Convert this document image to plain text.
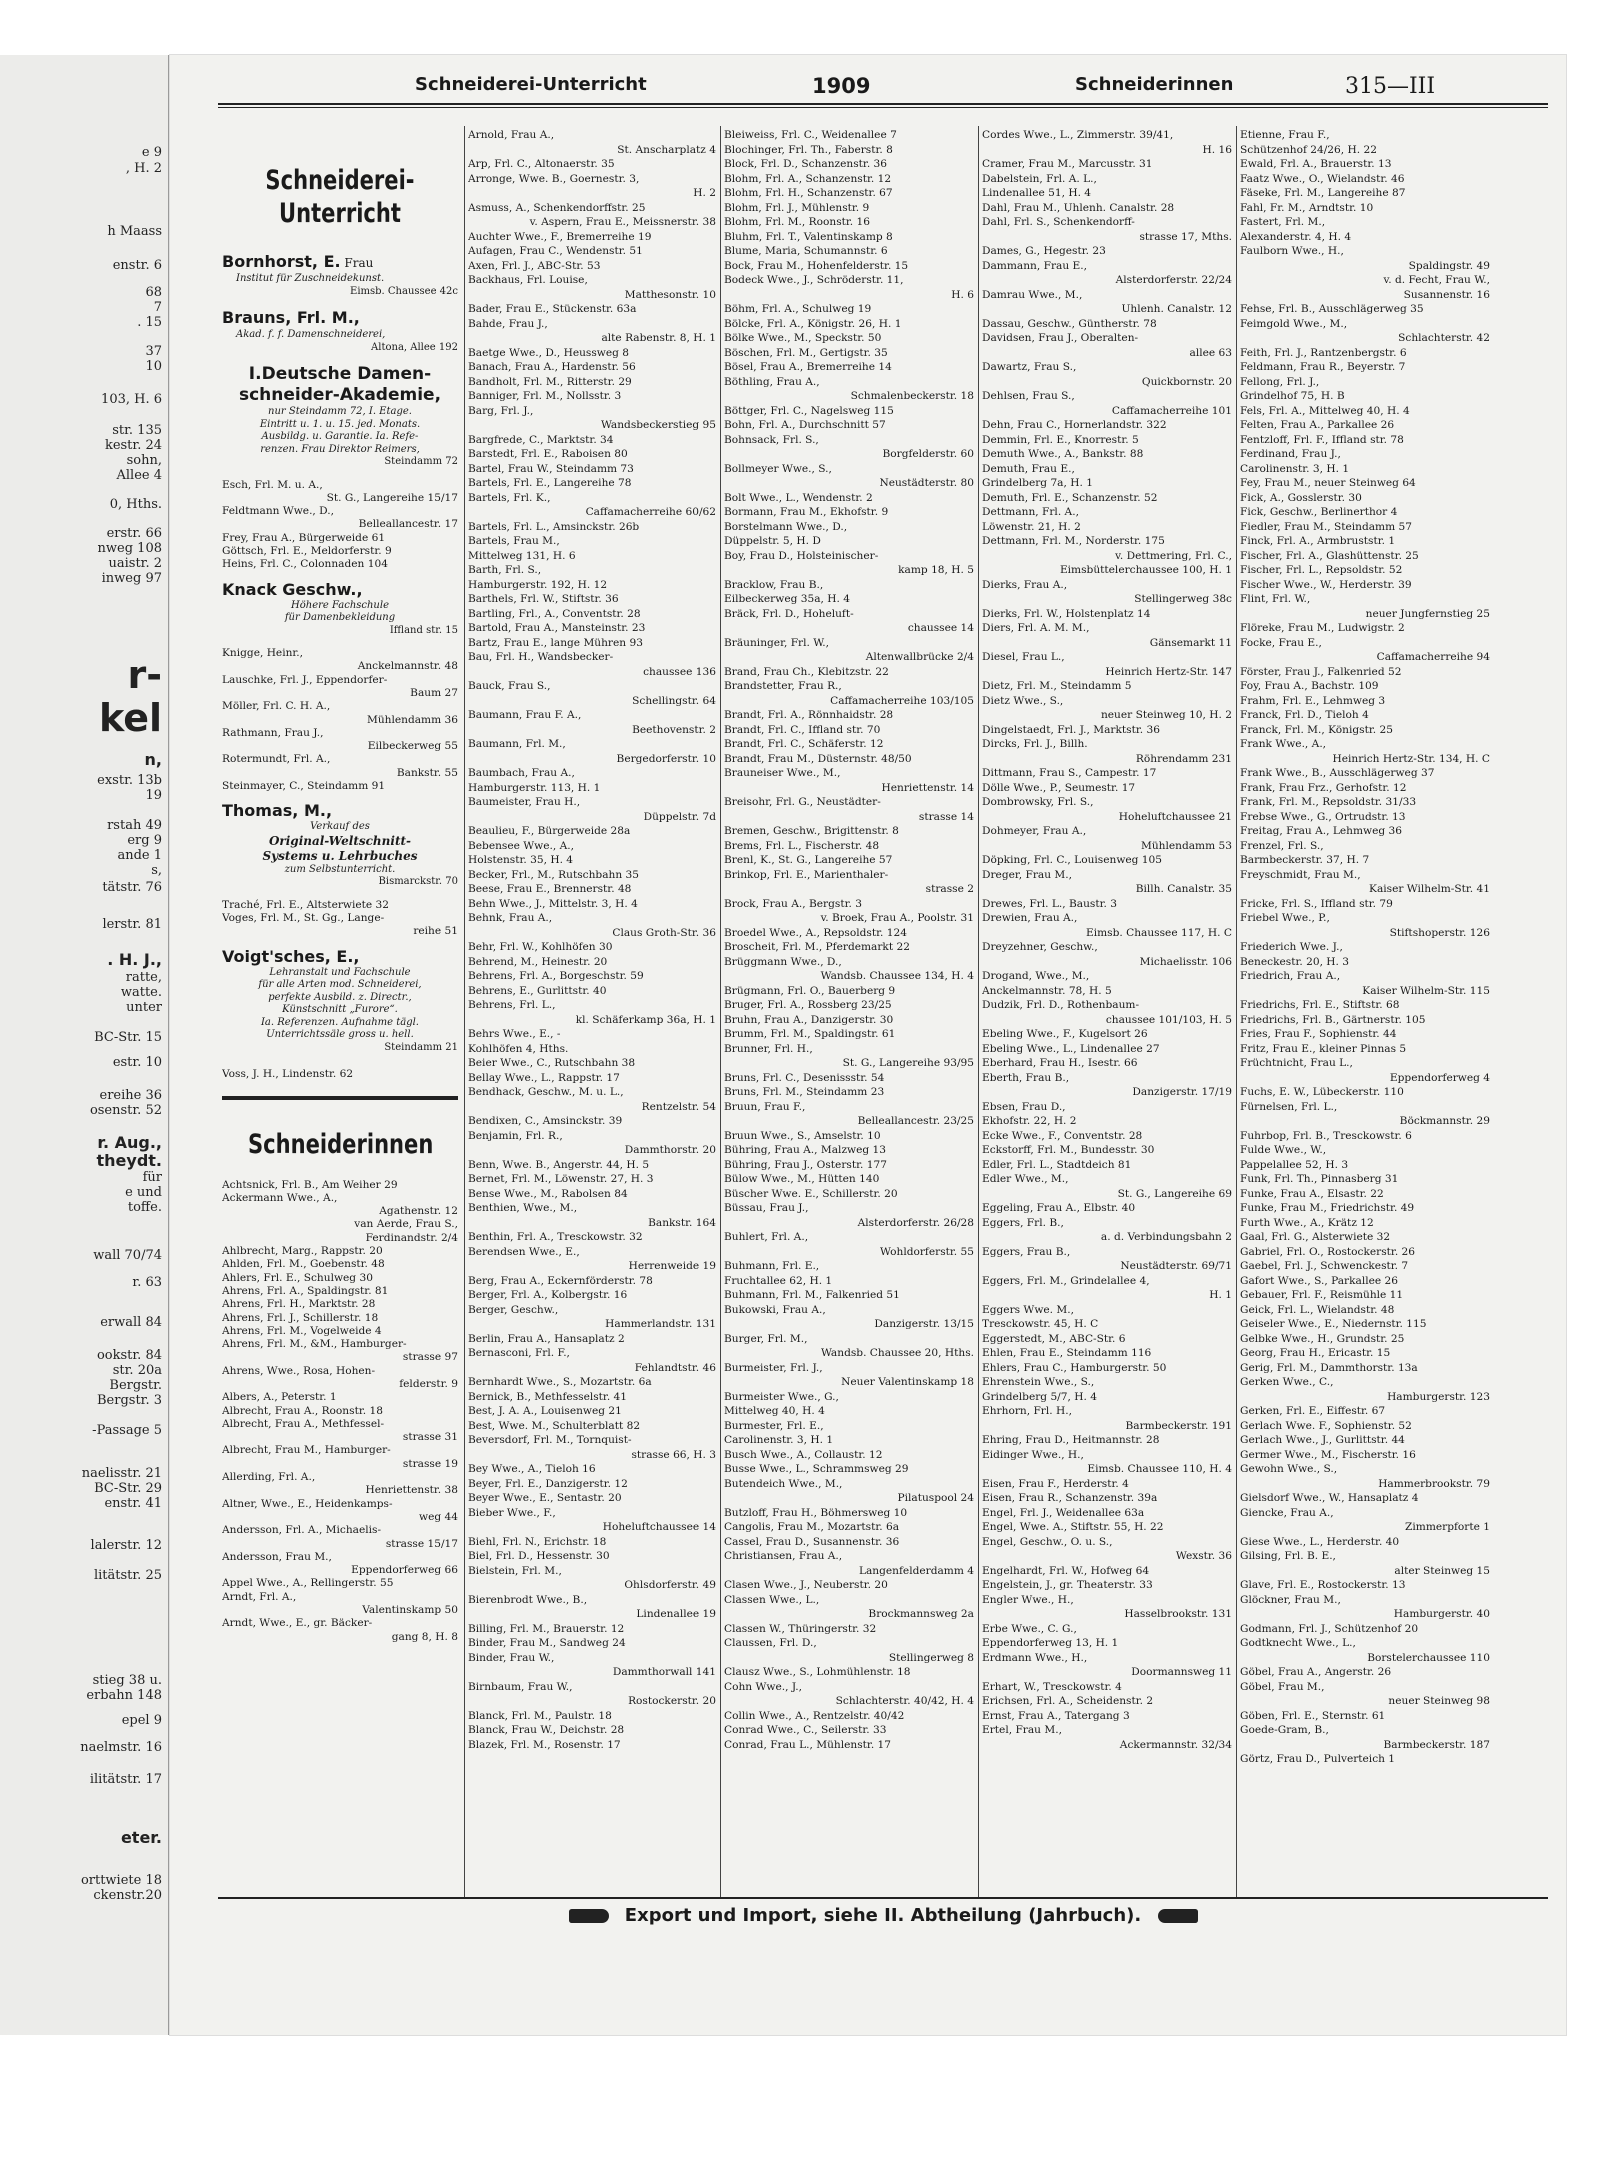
e 9
, H. 2
h Maass
enstr. 6
68
7
. 15
37
10
103, H. 6
str. 135
kestr. 24
sohn,
Allee 4
0, Hths.
erstr. 66
nweg 108
uaistr. 2
inweg 97
r-
kel
n,
exstr. 13b
19
rstah 49
erg 9
ande 1
s,
tätstr. 76
lerstr. 81
. H. J.,
ratte,
watte.
unter
BC-Str. 15
estr. 10
ereihe 36
osenstr. 52
r. Aug.,
theydt.
für
e und
toffe.
wall 70/74
r. 63
erwall 84
ookstr. 84
str. 20a
Bergstr.
Bergstr. 3
-Passage 5
naelisstr. 21
BC-Str. 29
enstr. 41
lalerstr. 12
litätstr. 25
stieg 38 u.
erbahn 148
epel 9
naelmstr. 16
ilitätstr. 17
eter.
orttwiete 18
ckenstr.20
Schneiderei-Unterricht	1909	Schneiderinnen	315—III
Schneiderei-Unterricht
Bornhorst, E. Frau
Institut für Zuschneidekunst.
Eimsb. Chaussee 42c
Brauns, Frl. M.,
Akad. f. f. Damenschneiderei,
Altona, Allee 192
I.Deutsche Damen-
schneider-Akademie,
nur Steindamm 72, I. Etage.
Eintritt u. 1. u. 15. jed. Monats.
Ausbildg. u. Garantie. Ia. Refe-
renzen. Frau Direktor Reimers,
Steindamm 72
Esch, Frl. M. u. A.,
St. G., Langereihe 15/17
Feldtmann Wwe., D.,
Belleallancestr. 17
Frey, Frau A., Bürgerweide 61
Göttsch, Frl. E., Meldorferstr. 9
Heins, Frl. C., Colonnaden 104
Knack Geschw.,
Höhere Fachschule
für Damenbekleidung
Iffland str. 15
Knigge, Heinr.,
Anckelmannstr. 48
Lauschke, Frl. J., Eppendorfer-
Baum 27
Möller, Frl. C. H. A.,
Mühlendamm 36
Rathmann, Frau J.,
Eilbeckerweg 55
Rotermundt, Frl. A.,
Bankstr. 55
Steinmayer, C., Steindamm 91
Thomas, M.,
Verkauf des
Original-Weltschnitt-
Systems u. Lehrbuches
zum Selbstunterricht.
Bismarckstr. 70
Traché, Frl. E., Altsterwiete 32
Voges, Frl. M., St. Gg., Lange-
reihe 51
Voigt'sches, E.,
Lehranstalt und Fachschule
für alle Arten mod. Schneiderei,
perfekte Ausbild. z. Directr.,
Künstschnitt „Furore“.
Ia. Referenzen. Aufnahme tägl.
Unterrichtssäle gross u. hell.
Steindamm 21
Voss, J. H., Lindenstr. 62
Schneiderinnen
Achtsnick, Frl. B., Am Weiher 29
Ackermann Wwe., A.,
Agathenstr. 12
van Aerde, Frau S.,
Ferdinandstr. 2/4
Ahlbrecht, Marg., Rappstr. 20
Ahlden, Frl. M., Goebenstr. 48
Ahlers, Frl. E., Schulweg 30
Ahrens, Frl. A., Spaldingstr. 81
Ahrens, Frl. H., Marktstr. 28
Ahrens, Frl. J., Schillerstr. 18
Ahrens, Frl. M., Vogelweide 4
Ahrens, Frl. M., &M., Hamburger-
strasse 97
Ahrens, Wwe., Rosa, Hohen-
felderstr. 9
Albers, A., Peterstr. 1
Albrecht, Frau A., Roonstr. 18
Albrecht, Frau A., Methfessel-
strasse 31
Albrecht, Frau M., Hamburger-
strasse 19
Allerding, Frl. A.,
Henriettenstr. 38
Altner, Wwe., E., Heidenkamps-
weg 44
Andersson, Frl. A., Michaelis-
strasse 15/17
Andersson, Frau M.,
Eppendorferweg 66
Appel Wwe., A., Rellingerstr. 55
Arndt, Frl. A.,
Valentinskamp 50
Arndt, Wwe., E., gr. Bäcker-
gang 8, H. 8
Arnold, Frau A.,
St. Anscharplatz 4
Arp, Frl. C., Altonaerstr. 35
Arronge, Wwe. B., Goernestr. 3,
H. 2
Asmuss, A., Schenkendorffstr. 25
v. Aspern, Frau E., Meissnerstr. 38
Auchter Wwe., F., Bremerreihe 19
Aufagen, Frau C., Wendenstr. 51
Axen, Frl. J., ABC-Str. 53
Backhaus, Frl. Louise,
Matthesonstr. 10
Bader, Frau E., Stückenstr. 63a
Bahde, Frau J.,
alte Rabenstr. 8, H. 1
Baetge Wwe., D., Heussweg 8
Banach, Frau A., Hardenstr. 56
Bandholt, Frl. M., Ritterstr. 29
Banniger, Frl. M., Nollsstr. 3
Barg, Frl. J.,
Wandsbeckerstieg 95
Bargfrede, C., Marktstr. 34
Barstedt, Frl. E., Raboisen 80
Bartel, Frau W., Steindamm 73
Bartels, Frl. E., Langereihe 78
Bartels, Frl. K.,
Caffamacherreihe 60/62
Bartels, Frl. L., Amsinckstr. 26b
Bartels, Frau M.,
Mittelweg 131, H. 6
Barth, Frl. S.,
Hamburgerstr. 192, H. 12
Barthels, Frl. W., Stiftstr. 36
Bartling, Frl., A., Conventstr. 28
Bartold, Frau A., Mansteinstr. 23
Bartz, Frau E., lange Mühren 93
Bau, Frl. H., Wandsbecker-
chaussee 136
Bauck, Frau S.,
Schellingstr. 64
Baumann, Frau F. A.,
Beethovenstr. 2
Baumann, Frl. M.,
Bergedorferstr. 10
Baumbach, Frau A.,
Hamburgerstr. 113, H. 1
Baumeister, Frau H.,
Düppelstr. 7d
Beaulieu, F., Bürgerweide 28a
Bebensee Wwe., A.,
Holstenstr. 35, H. 4
Becker, Frl., M., Rutschbahn 35
Beese, Frau E., Brennerstr. 48
Behn Wwe., J., Mittelstr. 3, H. 4
Behnk, Frau A.,
Claus Groth-Str. 36
Behr, Frl. W., Kohlhöfen 30
Behrend, M., Heinestr. 20
Behrens, Frl. A., Borgeschstr. 59
Behrens, E., Gurlittstr. 40
Behrens, Frl. L.,
kl. Schäferkamp 36a, H. 1
Behrs Wwe., E., -
Kohlhöfen 4, Hths.
Beier Wwe., C., Rutschbahn 38
Bellay Wwe., L., Rappstr. 17
Bendhack, Geschw., M. u. L.,
Rentzelstr. 54
Bendixen, C., Amsinckstr. 39
Benjamin, Frl. R.,
Dammthorstr. 20
Benn, Wwe. B., Angerstr. 44, H. 5
Bernet, Frl. M., Löwenstr. 27, H. 3
Bense Wwe., M., Rabolsen 84
Benthien, Wwe., M.,
Bankstr. 164
Benthin, Frl. A., Tresckowstr. 32
Berendsen Wwe., E.,
Herrenweide 19
Berg, Frau A., Eckernförderstr. 78
Berger, Frl. A., Kolbergstr. 16
Berger, Geschw.,
Hammerlandstr. 131
Berlin, Frau A., Hansaplatz 2
Bernasconi, Frl. F.,
Fehlandtstr. 46
Bernhardt Wwe., S., Mozartstr. 6a
Bernick, B., Methfesselstr. 41
Best, J. A. A., Louisenweg 21
Best, Wwe. M., Schulterblatt 82
Beversdorf, Frl. M., Tornquist-
strasse 66, H. 3
Bey Wwe., A., Tieloh 16
Beyer, Frl. E., Danzigerstr. 12
Beyer Wwe., E., Sentastr. 20
Bieber Wwe., F.,
Hoheluftchaussee 14
Biehl, Frl. N., Erichstr. 18
Biel, Frl. D., Hessenstr. 30
Bielstein, Frl. M.,
Ohlsdorferstr. 49
Bierenbrodt Wwe., B.,
Lindenallee 19
Billing, Frl. M., Brauerstr. 12
Binder, Frau M., Sandweg 24
Binder, Frau W.,
Dammthorwall 141
Birnbaum, Frau W.,
Rostockerstr. 20
Blanck, Frl. M., Paulstr. 18
Blanck, Frau W., Deichstr. 28
Blazek, Frl. M., Rosenstr. 17
Bleiweiss, Frl. C., Weidenallee 7
Blochinger, Frl. Th., Faberstr. 8
Block, Frl. D., Schanzenstr. 36
Blohm, Frl. A., Schanzenstr. 12
Blohm, Frl. H., Schanzenstr. 67
Blohm, Frl. J., Mühlenstr. 9
Blohm, Frl. M., Roonstr. 16
Bluhm, Frl. T., Valentinskamp 8
Blume, Maria, Schumannstr. 6
Bock, Frau M., Hohenfelderstr. 15
Bodeck Wwe., J., Schröderstr. 11,
H. 6
Böhm, Frl. A., Schulweg 19
Bölcke, Frl. A., Königstr. 26, H. 1
Bölke Wwe., M., Speckstr. 50
Böschen, Frl. M., Gertigstr. 35
Bösel, Frau A., Bremerreihe 14
Böthling, Frau A.,
Schmalenbeckerstr. 18
Böttger, Frl. C., Nagelsweg 115
Bohn, Frl. A., Durchschnitt 57
Bohnsack, Frl. S.,
Borgfelderstr. 60
Bollmeyer Wwe., S.,
Neustädterstr. 80
Bolt Wwe., L., Wendenstr. 2
Bormann, Frau M., Ekhofstr. 9
Borstelmann Wwe., D.,
Düppelstr. 5, H. D
Boy, Frau D., Holsteinischer-
kamp 18, H. 5
Bracklow, Frau B.,
Eilbeckerweg 35a, H. 4
Bräck, Frl. D., Hoheluft-
chaussee 14
Bräuninger, Frl. W.,
Altenwallbrücke 2/4
Brand, Frau Ch., Klebitzstr. 22
Brandstetter, Frau R.,
Caffamacherreihe 103/105
Brandt, Frl. A., Rönnhaidstr. 28
Brandt, Frl. C., Iffland str. 70
Brandt, Frl. C., Schäferstr. 12
Brandt, Frau M., Düsternstr. 48/50
Brauneiser Wwe., M.,
Henriettenstr. 14
Breisohr, Frl. G., Neustädter-
strasse 14
Bremen, Geschw., Brigittenstr. 8
Brems, Frl. L., Fischerstr. 48
Brenl, K., St. G., Langereihe 57
Brinkop, Frl. E., Marienthaler-
strasse 2
Brock, Frau A., Bergstr. 3
v. Broek, Frau A., Poolstr. 31
Broedel Wwe., A., Repsoldstr. 124
Broscheit, Frl. M., Pferdemarkt 22
Brüggmann Wwe., D.,
Wandsb. Chaussee 134, H. 4
Brügmann, Frl. O., Bauerberg 9
Bruger, Frl. A., Rossberg 23/25
Bruhn, Frau A., Danzigerstr. 30
Brumm, Frl. M., Spaldingstr. 61
Brunner, Frl. H.,
St. G., Langereihe 93/95
Bruns, Frl. C., Desenissstr. 54
Bruns, Frl. M., Steindamm 23
Bruun, Frau F.,
Belleallancestr. 23/25
Bruun Wwe., S., Amselstr. 10
Bühring, Frau A., Malzweg 13
Bühring, Frau J., Osterstr. 177
Bülow Wwe., M., Hütten 140
Büscher Wwe. E., Schillerstr. 20
Büssau, Frau J.,
Alsterdorferstr. 26/28
Buhlert, Frl. A.,
Wohldorferstr. 55
Buhmann, Frl. E.,
Fruchtallee 62, H. 1
Buhmann, Frl. M., Falkenried 51
Bukowski, Frau A.,
Danzigerstr. 13/15
Burger, Frl. M.,
Wandsb. Chaussee 20, Hths.
Burmeister, Frl. J.,
Neuer Valentinskamp 18
Burmeister Wwe., G.,
Mittelweg 40, H. 4
Burmester, Frl. E.,
Carolinenstr. 3, H. 1
Busch Wwe., A., Collaustr. 12
Busse Wwe., L., Schrammsweg 29
Butendeich Wwe., M.,
Pilatuspool 24
Butzloff, Frau H., Böhmersweg 10
Cangolis, Frau M., Mozartstr. 6a
Cassel, Frau D., Susannenstr. 36
Christiansen, Frau A.,
Langenfelderdamm 4
Clasen Wwe., J., Neuberstr. 20
Classen Wwe., L.,
Brockmannsweg 2a
Classen W., Thüringerstr. 32
Claussen, Frl. D.,
Stellingerweg 8
Clausz Wwe., S., Lohmühlenstr. 18
Cohn Wwe., J.,
Schlachterstr. 40/42, H. 4
Collin Wwe., A., Rentzelstr. 40/42
Conrad Wwe., C., Seilerstr. 33
Conrad, Frau L., Mühlenstr. 17
Cordes Wwe., L., Zimmerstr. 39/41,
H. 16
Cramer, Frau M., Marcusstr. 31
Dabelstein, Frl. A. L.,
Lindenallee 51, H. 4
Dahl, Frau M., Uhlenh. Canalstr. 28
Dahl, Frl. S., Schenkendorff-
strasse 17, Mths.
Dames, G., Hegestr. 23
Dammann, Frau E.,
Alsterdorferstr. 22/24
Damrau Wwe., M.,
Uhlenh. Canalstr. 12
Dassau, Geschw., Güntherstr. 78
Davidsen, Frau J., Oberalten-
allee 63
Dawartz, Frau S.,
Quickbornstr. 20
Dehlsen, Frau S.,
Caffamacherreihe 101
Dehn, Frau C., Hornerlandstr. 322
Demmin, Frl. E., Knorrestr. 5
Demuth Wwe., A., Bankstr. 88
Demuth, Frau E.,
Grindelberg 7a, H. 1
Demuth, Frl. E., Schanzenstr. 52
Dettmann, Frl. A.,
Löwenstr. 21, H. 2
Dettmann, Frl. M., Norderstr. 175
v. Dettmering, Frl. C.,
Eimsbüttelerchaussee 100, H. 1
Dierks, Frau A.,
Stellingerweg 38c
Dierks, Frl. W., Holstenplatz 14
Diers, Frl. A. M. M.,
Gänsemarkt 11
Diesel, Frau L.,
Heinrich Hertz-Str. 147
Dietz, Frl. M., Steindamm 5
Dietz Wwe., S.,
neuer Steinweg 10, H. 2
Dingelstaedt, Frl. J., Marktstr. 36
Dircks, Frl. J., Billh.
Röhrendamm 231
Dittmann, Frau S., Campestr. 17
Dölle Wwe., P., Seumestr. 17
Dombrowsky, Frl. S.,
Hoheluftchaussee 21
Dohmeyer, Frau A.,
Mühlendamm 53
Döpking, Frl. C., Louisenweg 105
Dreger, Frau M.,
Billh. Canalstr. 35
Drewes, Frl. L., Baustr. 3
Drewien, Frau A.,
Eimsb. Chaussee 117, H. C
Dreyzehner, Geschw.,
Michaelisstr. 106
Drogand, Wwe., M.,
Anckelmannstr. 78, H. 5
Dudzik, Frl. D., Rothenbaum-
chaussee 101/103, H. 5
Ebeling Wwe., F., Kugelsort 26
Ebeling Wwe., L., Lindenallee 27
Eberhard, Frau H., Isestr. 66
Eberth, Frau B.,
Danzigerstr. 17/19
Ebsen, Frau D.,
Ekhofstr. 22, H. 2
Ecke Wwe., F., Conventstr. 28
Eckstorff, Frl. M., Bundesstr. 30
Edler, Frl. L., Stadtdeich 81
Edler Wwe., M.,
St. G., Langereihe 69
Eggeling, Frau A., Elbstr. 40
Eggers, Frl. B.,
a. d. Verbindungsbahn 2
Eggers, Frau B.,
Neustädterstr. 69/71
Eggers, Frl. M., Grindelallee 4,
H. 1
Eggers Wwe. M.,
Tresckowstr. 45, H. C
Eggerstedt, M., ABC-Str. 6
Ehlen, Frau E., Steindamm 116
Ehlers, Frau C., Hamburgerstr. 50
Ehrenstein Wwe., S.,
Grindelberg 5/7, H. 4
Ehrhorn, Frl. H.,
Barmbeckerstr. 191
Ehring, Frau D., Heitmannstr. 28
Eidinger Wwe., H.,
Eimsb. Chaussee 110, H. 4
Eisen, Frau F., Herderstr. 4
Eisen, Frau R., Schanzenstr. 39a
Engel, Frl. J., Weidenallee 63a
Engel, Wwe. A., Stiftstr. 55, H. 22
Engel, Geschw., O. u. S.,
Wexstr. 36
Engelhardt, Frl. W., Hofweg 64
Engelstein, J., gr. Theaterstr. 33
Engler Wwe., H.,
Hasselbrookstr. 131
Erbe Wwe., C. G.,
Eppendorferweg 13, H. 1
Erdmann Wwe., H.,
Doormannsweg 11
Erhart, W., Tresckowstr. 4
Erichsen, Frl. A., Scheidenstr. 2
Ernst, Frau A., Tatergang 3
Ertel, Frau M.,
Ackermannstr. 32/34
Etienne, Frau F.,
Schützenhof 24/26, H. 22
Ewald, Frl. A., Brauerstr. 13
Faatz Wwe., O., Wielandstr. 46
Fäseke, Frl. M., Langereihe 87
Fahl, Fr. M., Arndtstr. 10
Fastert, Frl. M.,
Alexanderstr. 4, H. 4
Faulborn Wwe., H.,
Spaldingstr. 49
v. d. Fecht, Frau W.,
Susannenstr. 16
Fehse, Frl. B., Ausschlägerweg 35
Feimgold Wwe., M.,
Schlachterstr. 42
Feith, Frl. J., Rantzenbergstr. 6
Feldmann, Frau R., Beyerstr. 7
Fellong, Frl. J.,
Grindelhof 75, H. B
Fels, Frl. A., Mittelweg 40, H. 4
Felten, Frau A., Parkallee 26
Fentzloff, Frl. F., Iffland str. 78
Ferdinand, Frau J.,
Carolinenstr. 3, H. 1
Fey, Frau M., neuer Steinweg 64
Fick, A., Gosslerstr. 30
Fick, Geschw., Berlinerthor 4
Fiedler, Frau M., Steindamm 57
Finck, Frl. A., Armbruststr. 1
Fischer, Frl. A., Glashüttenstr. 25
Fischer, Frl. L., Repsoldstr. 52
Fischer Wwe., W., Herderstr. 39
Flint, Frl. W.,
neuer Jungfernstieg 25
Flöreke, Frau M., Ludwigstr. 2
Focke, Frau E.,
Caffamacherreihe 94
Förster, Frau J., Falkenried 52
Foy, Frau A., Bachstr. 109
Frahm, Frl. E., Lehmweg 3
Franck, Frl. D., Tieloh 4
Franck, Frl. M., Königstr. 25
Frank Wwe., A.,
Heinrich Hertz-Str. 134, H. C
Frank Wwe., B., Ausschlägerweg 37
Frank, Frau Frz., Gerhofstr. 12
Frank, Frl. M., Repsoldstr. 31/33
Frebse Wwe., G., Ortrudstr. 13
Freitag, Frau A., Lehmweg 36
Frenzel, Frl. S.,
Barmbeckerstr. 37, H. 7
Freyschmidt, Frau M.,
Kaiser Wilhelm-Str. 41
Fricke, Frl. S., Iffland str. 79
Friebel Wwe., P.,
Stiftshoperstr. 126
Friederich Wwe. J.,
Beneckestr. 20, H. 3
Friedrich, Frau A.,
Kaiser Wilhelm-Str. 115
Friedrichs, Frl. E., Stiftstr. 68
Friedrichs, Frl. B., Gärtnerstr. 105
Fries, Frau F., Sophienstr. 44
Fritz, Frau E., kleiner Pinnas 5
Früchtnicht, Frau L.,
Eppendorferweg 4
Fuchs, E. W., Lübeckerstr. 110
Fürnelsen, Frl. L.,
Böckmannstr. 29
Fuhrbop, Frl. B., Tresckowstr. 6
Fulde Wwe., W.,
Pappelallee 52, H. 3
Funk, Frl. Th., Pinnasberg 31
Funke, Frau A., Elsastr. 22
Funke, Frau M., Friedrichstr. 49
Furth Wwe., A., Krätz 12
Gaal, Frl. G., Alsterwiete 32
Gabriel, Frl. O., Rostockerstr. 26
Gaebel, Frl. J., Schwenckestr. 7
Gafort Wwe., S., Parkallee 26
Gebauer, Frl. F., Reismühle 11
Geick, Frl. L., Wielandstr. 48
Geiseler Wwe., E., Niedernstr. 115
Gelbke Wwe., H., Grundstr. 25
Georg, Frau H., Ericastr. 15
Gerig, Frl. M., Dammthorstr. 13a
Gerken Wwe., C.,
Hamburgerstr. 123
Gerken, Frl. E., Eiffestr. 67
Gerlach Wwe. F., Sophienstr. 52
Gerlach Wwe., J., Gurlittstr. 44
Germer Wwe., M., Fischerstr. 16
Gewohn Wwe., S.,
Hammerbrookstr. 79
Gielsdorf Wwe., W., Hansaplatz 4
Giencke, Frau A.,
Zimmerpforte 1
Giese Wwe., L., Herderstr. 40
Gilsing, Frl. B. E.,
alter Steinweg 15
Glave, Frl. E., Rostockerstr. 13
Glöckner, Frau M.,
Hamburgerstr. 40
Godmann, Frl. J., Schützenhof 20
Godtknecht Wwe., L.,
Borstelerchaussee 110
Göbel, Frau A., Angerstr. 26
Göbel, Frau M.,
neuer Steinweg 98
Göben, Frl. E., Sternstr. 61
Goede-Gram, B.,
Barmbeckerstr. 187
Görtz, Frau D., Pulverteich 1
Export und Import, siehe II. Abtheilung (Jahrbuch).
